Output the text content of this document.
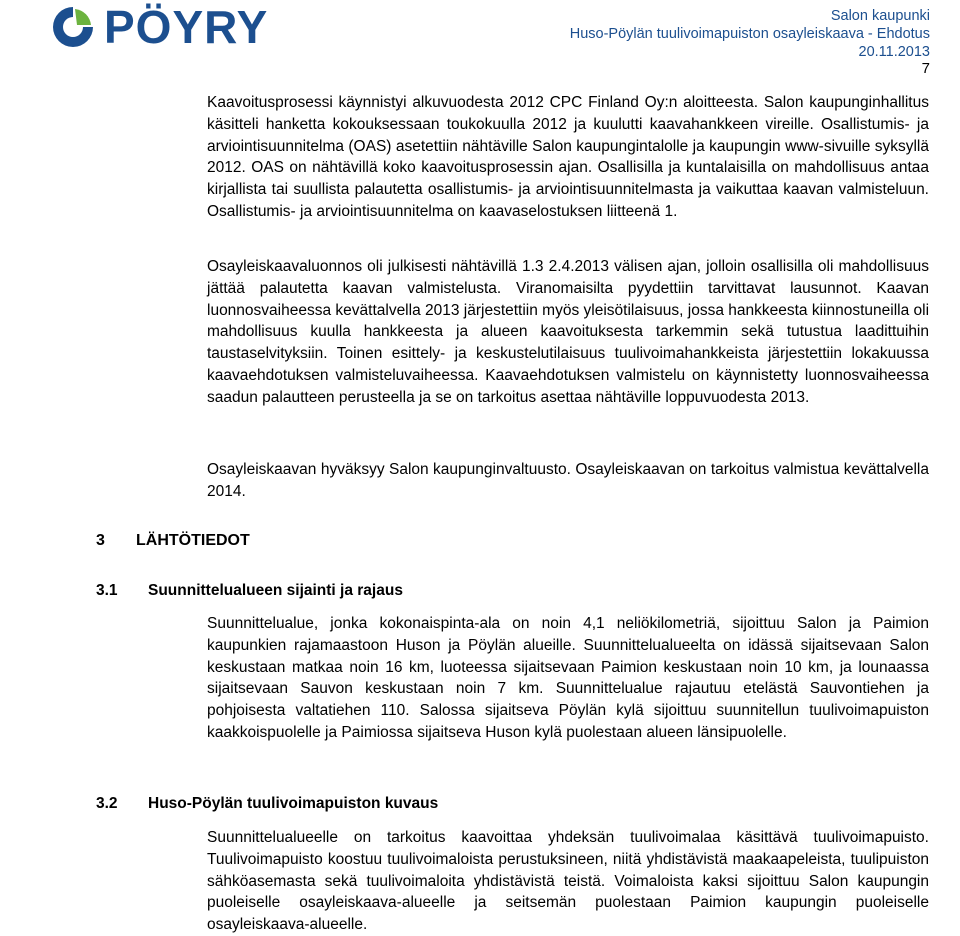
PÖYRY	Salon kaupunki
Huso-Pöylän tuulivoimapuiston osayleiskaava - Ehdotus
20.11.2013
7

Kaavoitusprosessi käynnistyi alkuvuodesta 2012 CPC Finland Oy:n aloitteesta. Salon kaupunginhallitus käsitteli hanketta kokouksessaan toukokuulla 2012 ja kuulutti kaavahankkeen vireille. Osallistumis- ja arviointisuunnitelma (OAS) asetettiin nähtäville Salon kaupungintalolle ja kaupungin www-sivuille syksyllä 2012. OAS on nähtävillä koko kaavoitusprosessin ajan. Osallisilla ja kuntalaisilla on mahdollisuus antaa kirjallista tai suullista palautetta osallistumis- ja arviointisuunnitelmasta ja vaikuttaa kaavan valmisteluun. Osallistumis- ja arviointisuunnitelma on kaavaselostuksen liitteenä 1.

Osayleiskaavaluonnos oli julkisesti nähtävillä 1.3 2.4.2013 välisen ajan, jolloin osallisilla oli mahdollisuus jättää palautetta kaavan valmistelusta. Viranomaisilta pyydettiin tarvittavat lausunnot. Kaavan luonnosvaiheessa kevättalvella 2013 järjestettiin myös yleisötilaisuus, jossa hankkeesta kiinnostuneilla oli mahdollisuus kuulla hankkeesta ja alueen kaavoituksesta tarkemmin sekä tutustua laadittuihin taustaselvityksiin. Toinen esittely- ja keskustelutilaisuus tuulivoimahankkeista järjestettiin lokakuussa kaavaehdotuksen valmisteluvaiheessa. Kaavaehdotuksen valmistelu on käynnistetty luonnosvaiheessa saadun palautteen perusteella ja se on tarkoitus asettaa nähtäville loppuvuodesta 2013.

Osayleiskaavan hyväksyy Salon kaupunginvaltuusto. Osayleiskaavan on tarkoitus valmistua kevättalvella 2014.

3 LÄHTÖTIEDOT
3.1 Suunnittelualueen sijainti ja rajaus

Suunnittelualue, jonka kokonaispinta-ala on noin 4,1 neliökilometriä, sijoittuu Salon ja Paimion kaupunkien rajamaastoon Huson ja Pöylän alueille. Suunnittelualueelta on idässä sijaitsevaan Salon keskustaan matkaa noin 16 km, luoteessa sijaitsevaan Paimion keskustaan noin 10 km, ja lounaassa sijaitsevaan Sauvon keskustaan noin 7 km. Suunnittelualue rajautuu etelästä Sauvontiehen ja pohjoisesta valtatiehen 110. Salossa sijaitseva Pöylän kylä sijoittuu suunnitellun tuulivoimapuiston kaakkoispuolelle ja Paimiossa sijaitseva Huson kylä puolestaan alueen länsipuolelle.

3.2 Huso-Pöylän tuulivoimapuiston kuvaus

Suunnittelualueelle on tarkoitus kaavoittaa yhdeksän tuulivoimalaa käsittävä tuulivoimapuisto. Tuulivoimapuisto koostuu tuulivoimaloista perustuksineen, niitä yhdistävistä maakaapeleista, tuulipuiston sähköasemasta sekä tuulivoimaloita yhdistävistä teistä. Voimaloista kaksi sijoittuu Salon kaupungin puoleiselle osayleiskaava-alueelle ja seitsemän puolestaan Paimion kaupungin puoleiselle osayleiskaava-alueelle.
